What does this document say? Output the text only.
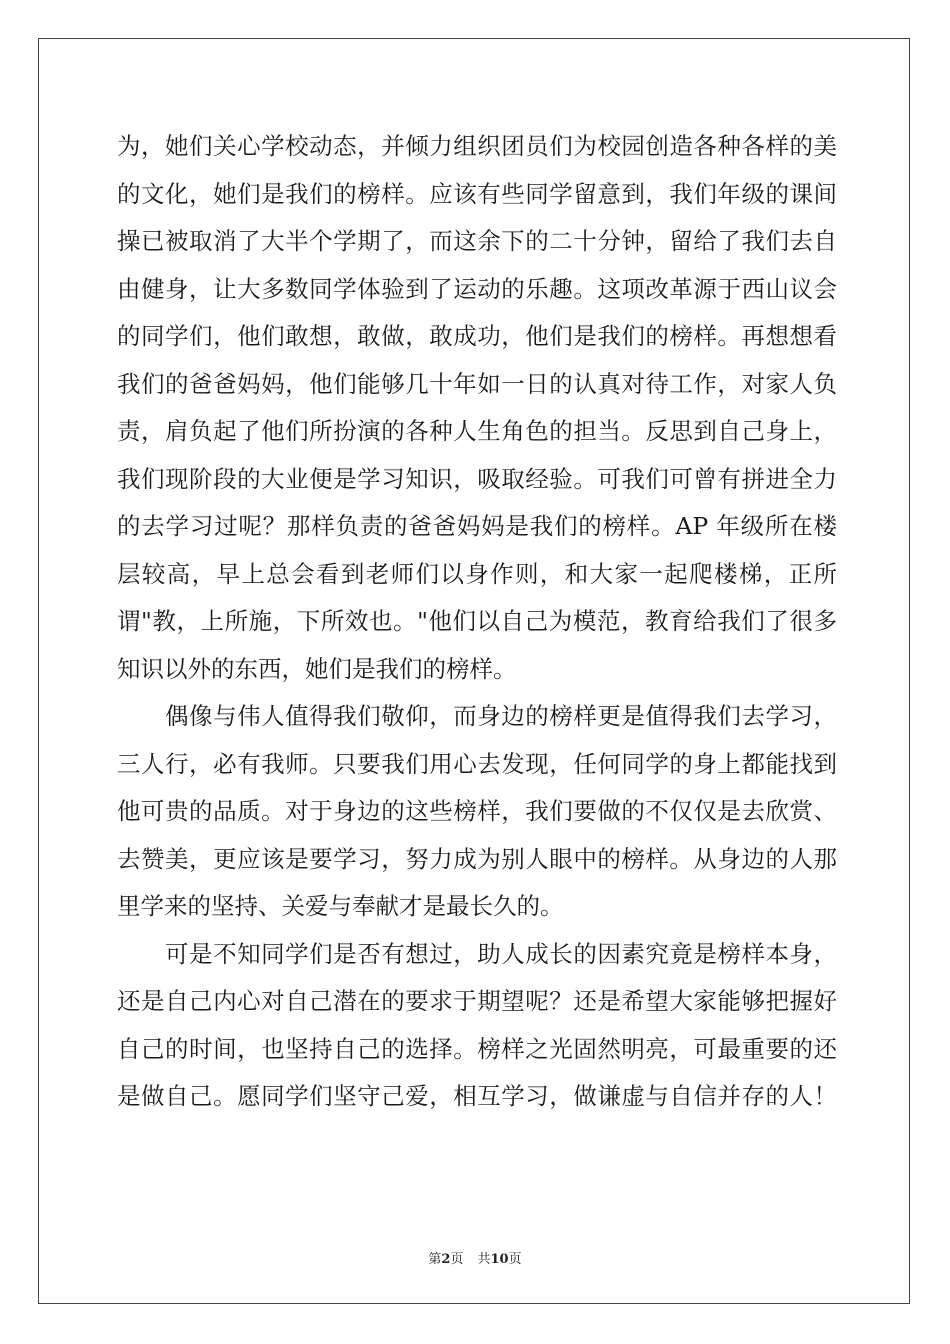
为，她们关心学校动态，并倾力组织团员们为校园创造各种各样的美
的文化，她们是我们的榜样。应该有些同学留意到，我们年级的课间
操已被取消了大半个学期了，而这余下的二十分钟，留给了我们去自
由健身，让大多数同学体验到了运动的乐趣。这项改革源于西山议会
的同学们，他们敢想，敢做，敢成功，他们是我们的榜样。再想想看
我们的爸爸妈妈，他们能够几十年如一日的认真对待工作，对家人负
责，肩负起了他们所扮演的各种人生角色的担当。反思到自己身上，
我们现阶段的大业便是学习知识，吸取经验。可我们可曾有拼进全力
的去学习过呢？那样负责的爸爸妈妈是我们的榜样。AP 年级所在楼
层较高，早上总会看到老师们以身作则，和大家一起爬楼梯，正所
谓"教，上所施，下所效也。"他们以自己为模范，教育给我们了很多
知识以外的东西，她们是我们的榜样。
　　偶像与伟人值得我们敬仰，而身边的榜样更是值得我们去学习，
三人行，必有我师。只要我们用心去发现，任何同学的身上都能找到
他可贵的品质。对于身边的这些榜样，我们要做的不仅仅是去欣赏、
去赞美，更应该是要学习，努力成为别人眼中的榜样。从身边的人那
里学来的坚持、关爱与奉献才是最长久的。
　　可是不知同学们是否有想过，助人成长的因素究竟是榜样本身，
还是自己内心对自己潜在的要求于期望呢？还是希望大家能够把握好
自己的时间，也坚持自己的选择。榜样之光固然明亮，可最重要的还
是做自己。愿同学们坚守己爱，相互学习，做谦虚与自信并存的人！
第2页 共10页
